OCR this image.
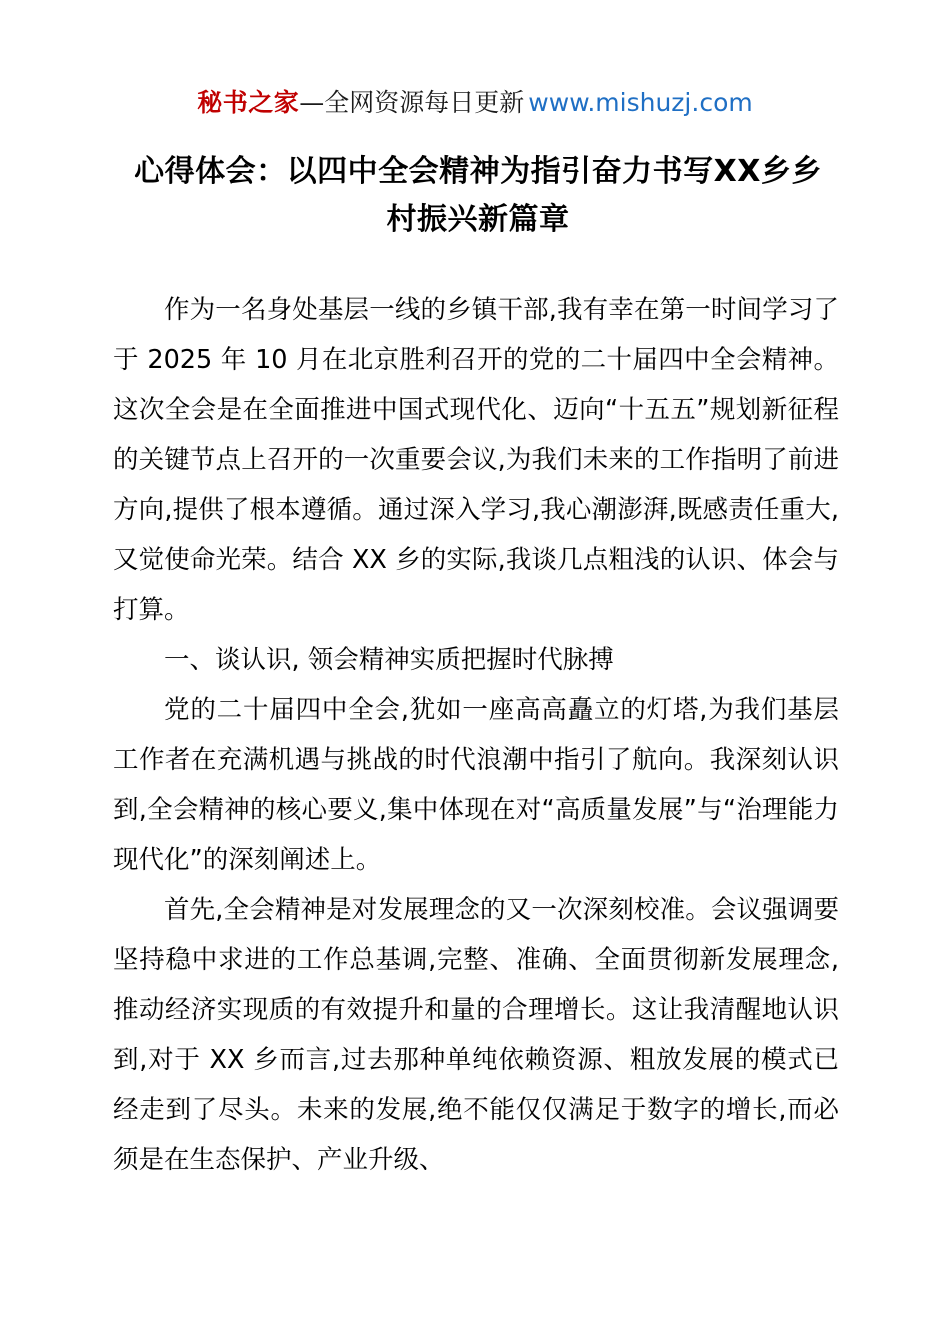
秘书之家—全网资源每日更新 www.mishuzj.com
心得体会：以四中全会精神为指引奋力书写XX乡乡村振兴新篇章

作为一名身处基层一线的乡镇干部,我有幸在第一时间学习了于 2025 年 10 月在北京胜利召开的党的二十届四中全会精神。这次全会是在全面推进中国式现代化、迈向“十五五”规划新征程的关键节点上召开的一次重要会议,为我们未来的工作指明了前进方向,提供了根本遵循。通过深入学习,我心潮澎湃,既感责任重大,又觉使命光荣。结合 XX 乡的实际,我谈几点粗浅的认识、体会与打算。

一、谈认识, 领会精神实质把握时代脉搏

党的二十届四中全会,犹如一座高高矗立的灯塔,为我们基层工作者在充满机遇与挑战的时代浪潮中指引了航向。我深刻认识到,全会精神的核心要义,集中体现在对“高质量发展”与“治理能力现代化”的深刻阐述上。

首先,全会精神是对发展理念的又一次深刻校准。会议强调要坚持稳中求进的工作总基调,完整、准确、全面贯彻新发展理念,推动经济实现质的有效提升和量的合理增长。这让我清醒地认识到,对于 XX 乡而言,过去那种单纯依赖资源、粗放发展的模式已经走到了尽头。未来的发展,绝不能仅仅满足于数字的增长,而必须是在生态保护、产业升级、
